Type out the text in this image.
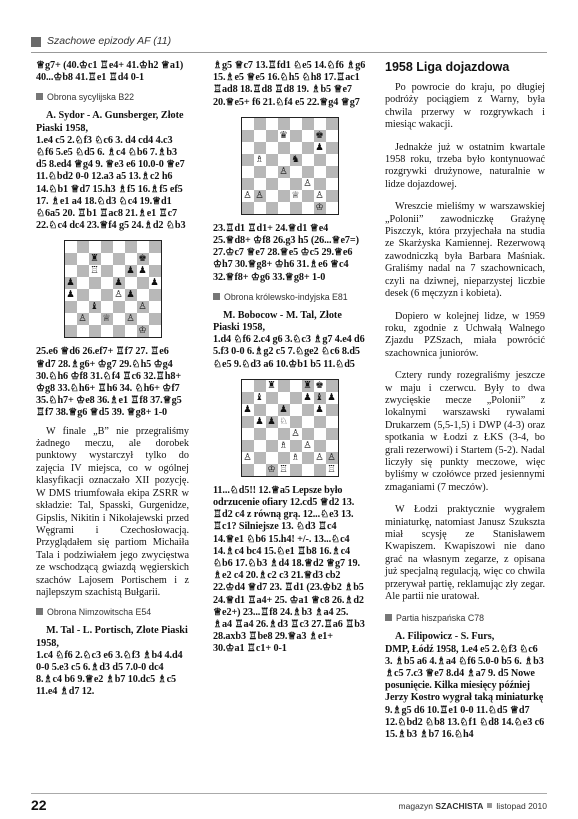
Szachowe epizody AF (11)

♕g7+ (40.♔c1 ♖e4+ 41.♔h2 ♕a1) 40...♔b8 41.♖e1 ♖d4 0-1

Obrona sycylijska B22

A. Sydor - A. Gunsberger, Złote Piaski 1958,

1.e4 c5 2.♘f3 ♘c6 3. d4 cd4 4.c3 ♘f6 5.e5 ♘d5 6. ♗c4 ♘b6 7.♗b3 d5 8.ed4 ♕g4 9. ♕e3 e6 10.0-0 ♕e7 11.♘bd2 0-0 12.a3 a5 13.♗c2 h6 14.♘b1 ♕d7 15.h3 ♗f5 16.♗f5 ef5 17. ♗e1 a4 18.♘d3 ♘c4 19.♕d1 ♘6a5 20. ♖b1 ♖ac8 21.♗e1 ♖c7 22.♘c4 dc4 23.♕f4 g5 24.♗d2 ♘b3

♜	♚
♖	♟ ♟
♟	♟	♟
♟	♙ ♟
♝	♙
♙ ♕ ♙
♔

25.e6 ♕d6 26.ef7+ ♖f7 27. ♖e6 ♕d7 28.♗g6+ ♔g7 29.♘h5 ♔g4 30.♘h6 ♔f8 31.♘f4 ♖c6 32.♖h8+ ♔g8 33.♘h6+ ♖h6 34. ♘h6+ ♔f7 35.♘h7+ ♔e8 36.♗e1 ♖f8 37.♕g5 ♖f7 38.♕g6 ♕d5 39. ♕g8+ 1-0

W finale „B” nie przegraliśmy żadnego meczu, ale dorobek punktowy wystarczył tylko do zajęcia IV miejsca, co w ogólnej klasyfikacji oznaczało XII pozycję. W DMS triumfowała ekipa ZSRR w składzie: Tal, Spasski, Gurgenidze, Gipslis, Nikitin i Nikołajewski przed Węgrami i Czechosłowacją. Przyglądałem się partiom Michaiła Tala i podziwiałem jego zwycięstwa ze wschodzącą gwiazdą węgierskich szachów Lajosem Portischem i z najlepszym szachistą Bułgarii.

Obrona Nimzowitscha E54

M. Tal - L. Portisch, Złote Piaski 1958,

1.c4 ♘f6 2.♘c3 e6 3.♘f3 ♗b4 4.d4 0-0 5.e3 c5 6.♗d3 d5 7.0-0 dc4 8.♗c4 b6 9.♕e2 ♗b7 10.dc5 ♗c5 11.e4 ♗d7 12.

♗g5 ♕c7 13.♖fd1 ♘e5 14.♘f6 ♗g6 15.♗e5 ♕e5 16.♘h5 ♘h8 17.♖ac1 ♖ad8 18.♖d8 ♖d8 19. ♗b5 ♕e7 20.♕e5+ f6 21.♘f4 e5 22.♕g4 ♕g7

♛	♚
♟
♗	♞
♙
♙
♙ ♙	♕ ♙
♔

23.♖d1 ♖d1+ 24.♕d1 ♕e4 25.♕d8+ ♔f8 26.g3 h5 (26...♕e7=) 27.♔c7 ♕e7 28.♕e5 ♔c5 29.♕e6 ♔h7 30.♕g8+ ♔h6 31.♗e6 ♕c4 32.♕f8+ ♔g6 33.♕g8+ 1-0

Obrona królewsko-indyjska E81

M. Bobocow - M. Tal, Złote Piaski 1958,

1.d4 ♘f6 2.c4 g6 3.♘c3 ♗g7 4.e4 d6 5.f3 0-0 6.♗g2 c5 7.♘ge2 ♘c6 8.d5 ♘e5 9.♘d3 a6 10.♔b1 b5 11.♘d5

♜	♜ ♚
♝	♟ ♝ ♟
♟	♟	♟
♟ ♟ ♘
♙
♗ ♙
♙	♗ ♙ ♙
♔ ♖	♖

11...♘d5!! 12.♕a5 Lepsze było odrzucenie ofiary 12.cd5 ♕d2 13. ♖d2 c4 z równą grą. 12...♘e3 13. ♖c1? Silniejsze 13. ♘d3 ♖c4 14.♕e1 ♘b6 15.h4! +/-. 13...♘c4 14.♗c4 bc4 15.♘e1 ♖b8 16.♗c4 ♘b6 17.♘b3 ♗d4 18.♕d2 ♕g7 19. ♗e2 c4 20.♗c2 c3 21.♕d3 cb2 22.♔d4 ♕d7 23. ♖d1 (23.♔b2 ♗b5 24.♕d1 ♖a4+ 25. ♔a1 ♕c8 26.♗d2 ♕e2+) 23...♖f8 24.♗b3 ♗a4 25. ♗a4 ♖a4 26.♗d3 ♖c3 27.♖a6 ♖b3 28.axb3 ♖be8 29.♕a3 ♗e1+ 30.♔a1 ♖c1+ 0-1

1958 Liga dojazdowa

Po powrocie do kraju, po długiej podróży pociągiem z Warny, była chwila przerwy w rozgrywkach i miesiąc wakacji.

Jednakże już w ostatnim kwartale 1958 roku, trzeba było kontynuować rozgrywki drużynowe, naturalnie w lidze dojazdowej.

Wreszcie mieliśmy w warszawskiej „Polonii” zawodniczkę Grażynę Piszczyk, która przyjechała na studia ze Skarżyska Kamiennej. Rezerwową zawodniczką była Barbara Maśniak. Graliśmy nadal na 7 szachownicach, czyli na dziwnej, nieparzystej liczbie desek (6 męczyzn i kobieta).

Dopiero w kolejnej lidze, w 1959 roku, zgodnie z Uchwałą Walnego Zjazdu PZSzach, miała powrócić szachownica juniorów.

Cztery rundy rozegraliśmy jeszcze w maju i czerwcu. Były to dwa zwycięskie mecze „Polonii” z lokalnymi warszawski rywalami Drukarzem (5,5-1,5) i DWP (4-3) oraz spotkania w Łodzi z ŁKS (3-4, bo grali rezerwowi) i Startem (5-2). Nadal liczyły się punkty meczowe, więc byliśmy w czołówce przed jesiennymi zmaganiami (7 meczów).

W Łodzi praktycznie wygrałem miniaturkę, natomiast Janusz Szukszta miał scysję ze Stanisławem Kwapiszem. Kwapiszowi nie dano grać na własnym zegarze, z opisana już specjalną regulacją, więc co chwila przerywał partię, reklamując zły zegar. Ale partii nie uratował.

Partia hiszpańska C78

A. Filipowicz - S. Furs,

DMP, Łódź 1958, 1.e4 e5 2.♘f3 ♘c6 3. ♗b5 a6 4.♗a4 ♘f6 5.0-0 b5 6. ♗b3 ♗c5 7.c3 ♕e7 8.d4 ♗a7 9. d5 Nowe posunięcie. Kilka miesięcy później Jerzy Kostro wygrał taką miniaturkę 9.♗g5 d6 10.♖e1 0-0 11.♘d5 ♕d7 12.♘bd2 ♘b8 13.♘f1 ♘d8 14.♘e3 c6 15.♗b3 ♗b7 16.♘h4

22	magazyn SZACHISTA listopad 2010
